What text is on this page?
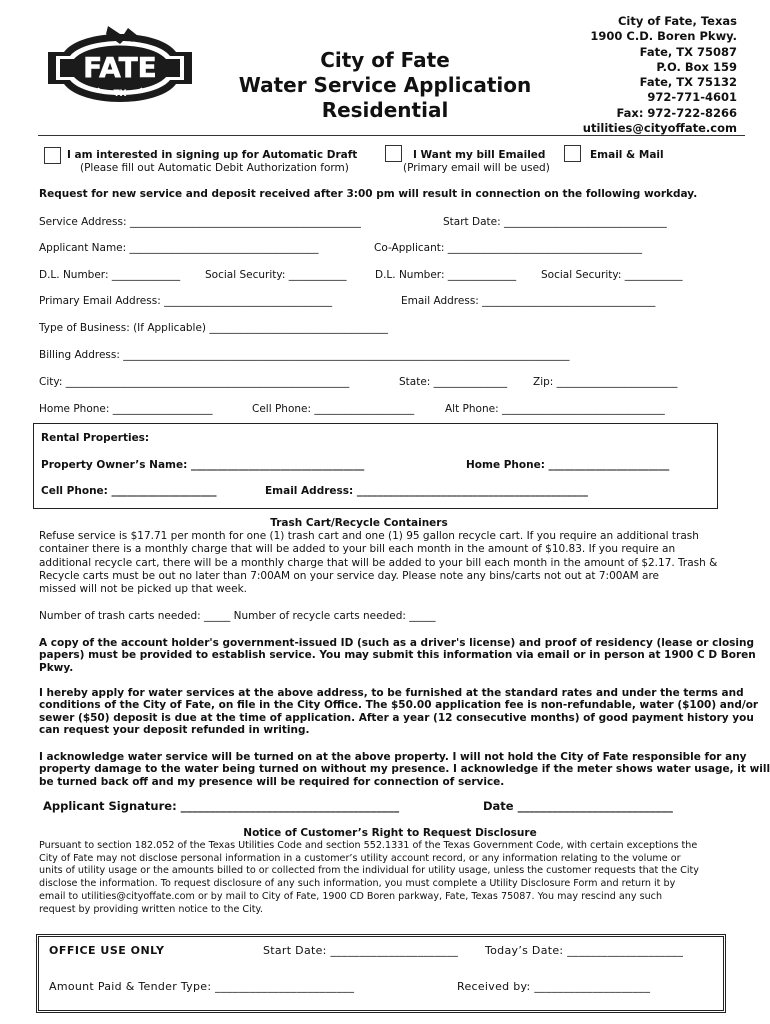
FATE
TX
City of Fate
Water Service Application
Residential
City of Fate, Texas
1900 C.D. Boren Pkwy.
Fate, TX 75087
P.O. Box 159
Fate, TX 75132
972-771-4601
Fax: 972-722-8266
utilities@cityoffate.com
I am interested in signing up for Automatic Draft
(Please fill out Automatic Debit Authorization form)
I Want my bill Emailed
(Primary email will be used)
Email & Mail
Request for new service and deposit received after 3:00 pm will result in connection on the following workday.
Service Address: ____________________________________________	Start Date: _______________________________
Applicant Name: ____________________________________	Co-Applicant: _____________________________________
D.L. Number: _____________ Social Security: ___________	D.L. Number: _____________ Social Security: ___________
Primary Email Address: ________________________________	Email Address: _________________________________
Type of Business: (If Applicable) __________________________________
Billing Address: _____________________________________________________________________________________
City: ______________________________________________________	State: ______________ Zip: _______________________
Home Phone: ___________________	Cell Phone: ___________________	Alt Phone: _______________________________
Rental Properties:
Property Owner’s Name: _________________________________	Home Phone: _______________________
Cell Phone: ____________________	Email Address: ____________________________________________
Trash Cart/Recycle Containers
Refuse service is $17.71 per month for one (1) trash cart and one (1) 95 gallon recycle cart. If you require an additional trash
container there is a monthly charge that will be added to your bill each month in the amount of $10.83. If you require an
additional recycle cart, there will be a monthly charge that will be added to your bill each month in the amount of $2.17. Trash &
Recycle carts must be out no later than 7:00AM on your service day. Please note any bins/carts not out at 7:00AM are
missed will not be picked up that week.
Number of trash carts needed: _____ Number of recycle carts needed: _____
A copy of the account holder's government-issued ID (such as a driver's license) and proof of residency (lease or closing
papers) must be provided to establish service. You may submit this information via email or in person at 1900 C D Boren
Pkwy.
I hereby apply for water services at the above address, to be furnished at the standard rates and under the terms and
conditions of the City of Fate, on file in the City Office. The $50.00 application fee is non-refundable, water ($100) and/or
sewer ($50) deposit is due at the time of application. After a year (12 consecutive months) of good payment history you
can request your deposit refunded in writing.
I acknowledge water service will be turned on at the above property. I will not hold the City of Fate responsible for any
property damage to the water being turned on without my presence. I acknowledge if the meter shows water usage, it will
be turned back off and my presence will be required for connection of service.
Applicant Signature: ______________________________________	Date ___________________________
Notice of Customer’s Right to Request Disclosure
Pursuant to section 182.052 of the Texas Utilities Code and section 552.1331 of the Texas Government Code, with certain exceptions the
City of Fate may not disclose personal information in a customer’s utility account record, or any information relating to the volume or
units of utility usage or the amounts billed to or collected from the individual for utility usage, unless the customer requests that the City
disclose the information. To request disclosure of any such information, you must complete a Utility Disclosure Form and return it by
email to utilities@cityoffate.com or by mail to City of Fate, 1900 CD Boren parkway, Fate, Texas 75087. You may rescind any such
request by providing written notice to the City.
OFFICE USE ONLY	Start Date: ______________________ Today’s Date: ____________________
Amount Paid & Tender Type: ________________________	Received by: ____________________
